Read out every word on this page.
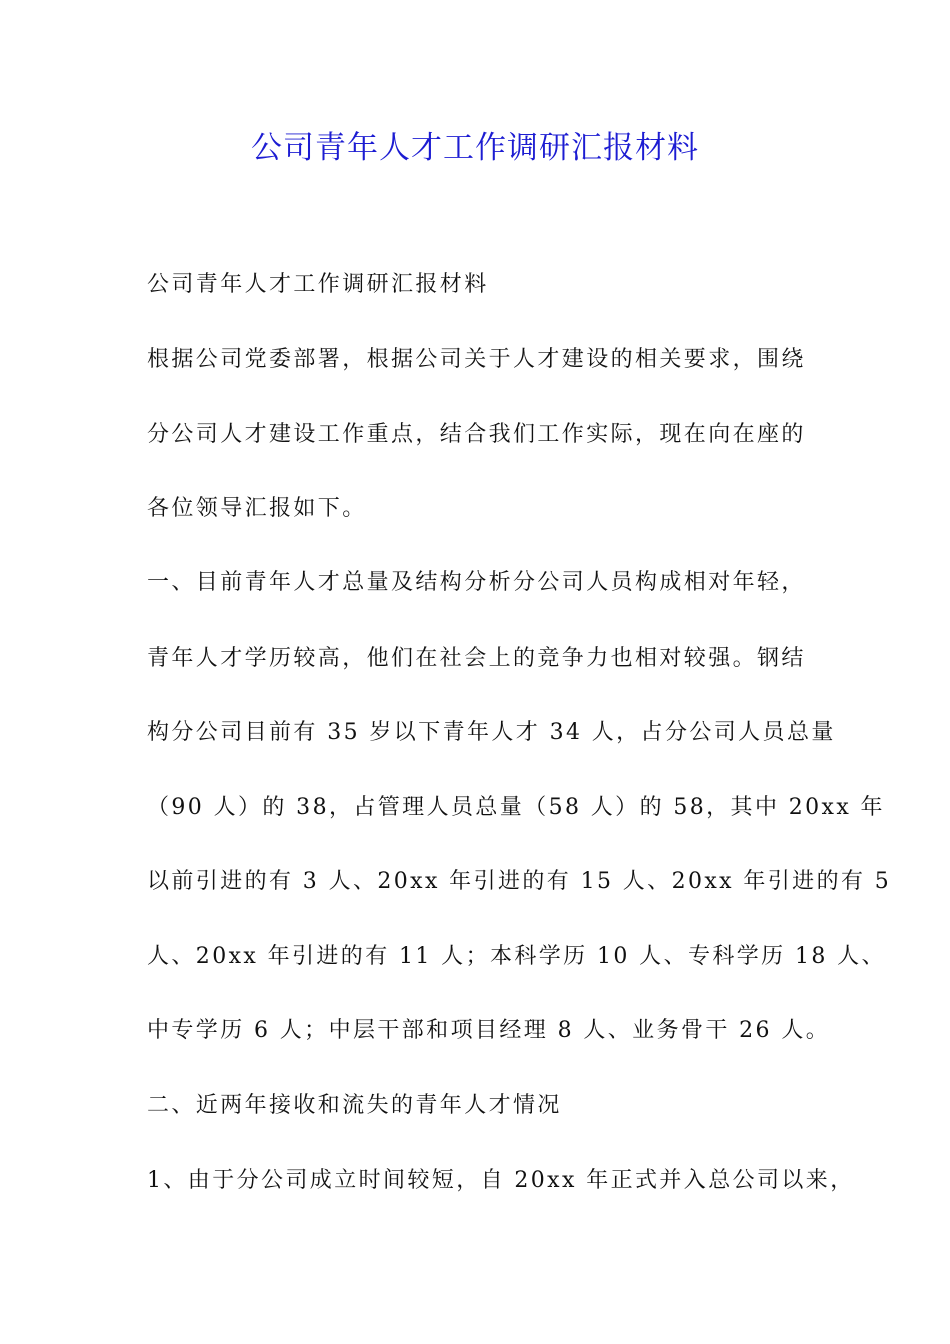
公司青年人才工作调研汇报材料

公司青年人才工作调研汇报材料

根据公司党委部署，根据公司关于人才建设的相关要求，围绕

分公司人才建设工作重点，结合我们工作实际，现在向在座的

各位领导汇报如下。

一、目前青年人才总量及结构分析分公司人员构成相对年轻，

青年人才学历较高，他们在社会上的竞争力也相对较强。钢结

构分公司目前有 35 岁以下青年人才 34 人，占分公司人员总量

（90 人）的 38，占管理人员总量（58 人）的 58，其中 20xx 年

以前引进的有 3 人、20xx 年引进的有 15 人、20xx 年引进的有 5

人、20xx 年引进的有 11 人；本科学历 10 人、专科学历 18 人、

中专学历 6 人；中层干部和项目经理 8 人、业务骨干 26 人。

二、近两年接收和流失的青年人才情况

1、由于分公司成立时间较短，自 20xx 年正式并入总公司以来，
